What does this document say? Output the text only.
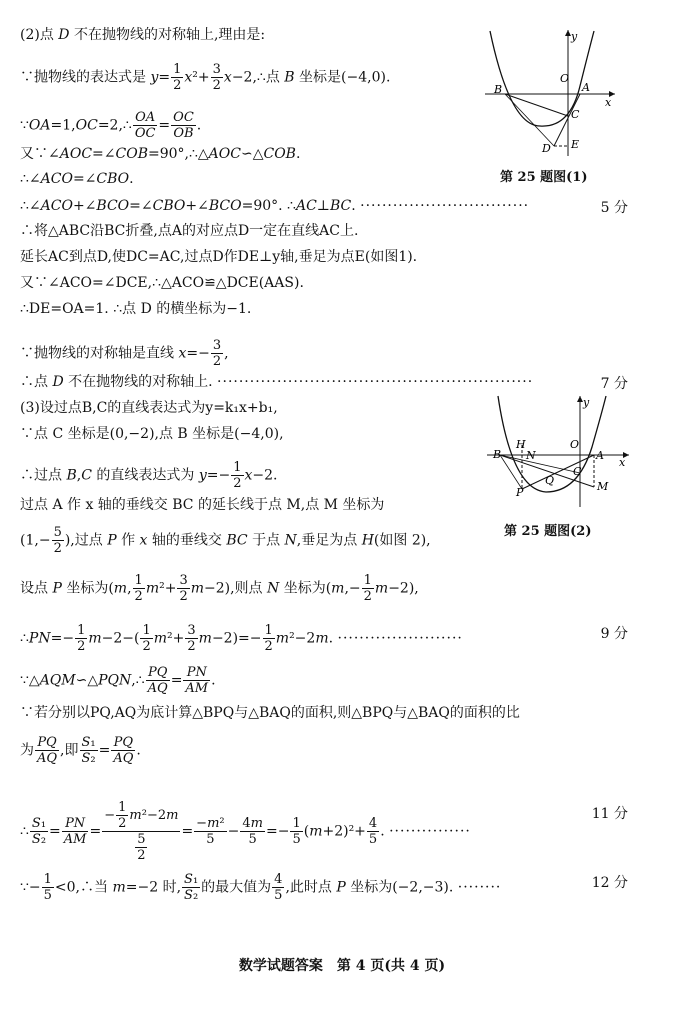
(2)点 D 不在抛物线的对称轴上,理由是:
∵抛物线的表达式是 $y= \frac{1}{2} x^2+ \frac{3}{2}$ x−2,∴点 B 坐标是(−4,0).
∵OA=1,OC=2,∴ $\frac{OA}{OC} = \frac{OC}{OB}$ .
又∵∠AOC=∠COB=90°,∴△AOC∽△COB.
∴∠ACO=∠CBO.
∴∠ACO+∠BCO=∠CBO+∠BCO=90°. ∴AC⊥BC. ·······························	5 分
∴将△ABC沿BC折叠,点A的对应点D一定在直线AC上.
延长AC到点D,使DC=AC,过点D作DE⊥y轴,垂足为点E(如图1).
又∵∠ACO=∠DCE,∴△ACO≌△DCE(AAS).
∴DE=OA=1. ∴点 D 的横坐标为−1.
∵抛物线的对称轴是直线 $x=- \frac{3}{2}$ ,
∴点 D 不在抛物线的对称轴上. ··························································	7 分
(3)设过点B,C的直线表达式为y=k₁x+b₁,
∵点 C 坐标是(0,−2),点 B 坐标是(−4,0),
∴过点 B,C 的直线表达式为 $y=- \frac{1}{2} x-2$.
过点 A 作 x 轴的垂线交 BC 的延长线于点 M,点 M 坐标为
($1,- \frac{5}{2}$ ),过点 P 作 x 轴的垂线交 BC 于点 N,垂足为点 H(如图 2),
设点 P 坐标为(m, $\frac{1}{2} m^2+ \frac{3}{2} m-2$),则点 N 坐标为$(m,- \frac{1}{2} m-2)$,
∴PN=− $\frac{1}{2} m-2-( \frac{1}{2} m^2+ \frac{3}{2} m-2)=- \frac{1}{2} m^2-2m$. ·······················	9 分
∵△AQM∽△PQN,∴ $\frac{PQ}{AQ} = \frac{PN}{AM}$ .
∵若分别以PQ,AQ为底计算△BPQ与△BAQ的面积,则△BPQ与△BAQ的面积的比
为 $\frac{PQ}{AQ}$ ,即 $\frac{\text{S₁}}{\text{S₂}} = \frac{PQ}{AQ}$ .
∴ $\frac{\text{S₁}}{\text{S₂}} = \frac{PN}{AM} = \frac{- \frac{1}{2} m^2-2m}{\frac{5}{2}} = \frac{\text{−m²}}{5} - \frac{4m}{5} =- \frac{1}{5} (m+2)^2+ \frac{4}{5}$ . ···············
11 分
∵− $\frac{1}{5}$ <0,∴当 m=−2 时, $\frac{\text{S₁}}{\text{S₂}}$ 的最大值为 $\frac{4}{5}$ ,此时点 P 坐标为(−2,−3). ········	12 分
y
x
O
A
B
C
D E
第 25 题图(1)
y
x
O
A
B
C
H
N
P
Q	M
第 25 题图(2)
数学试题答案　第 4 页(共 4 页)
